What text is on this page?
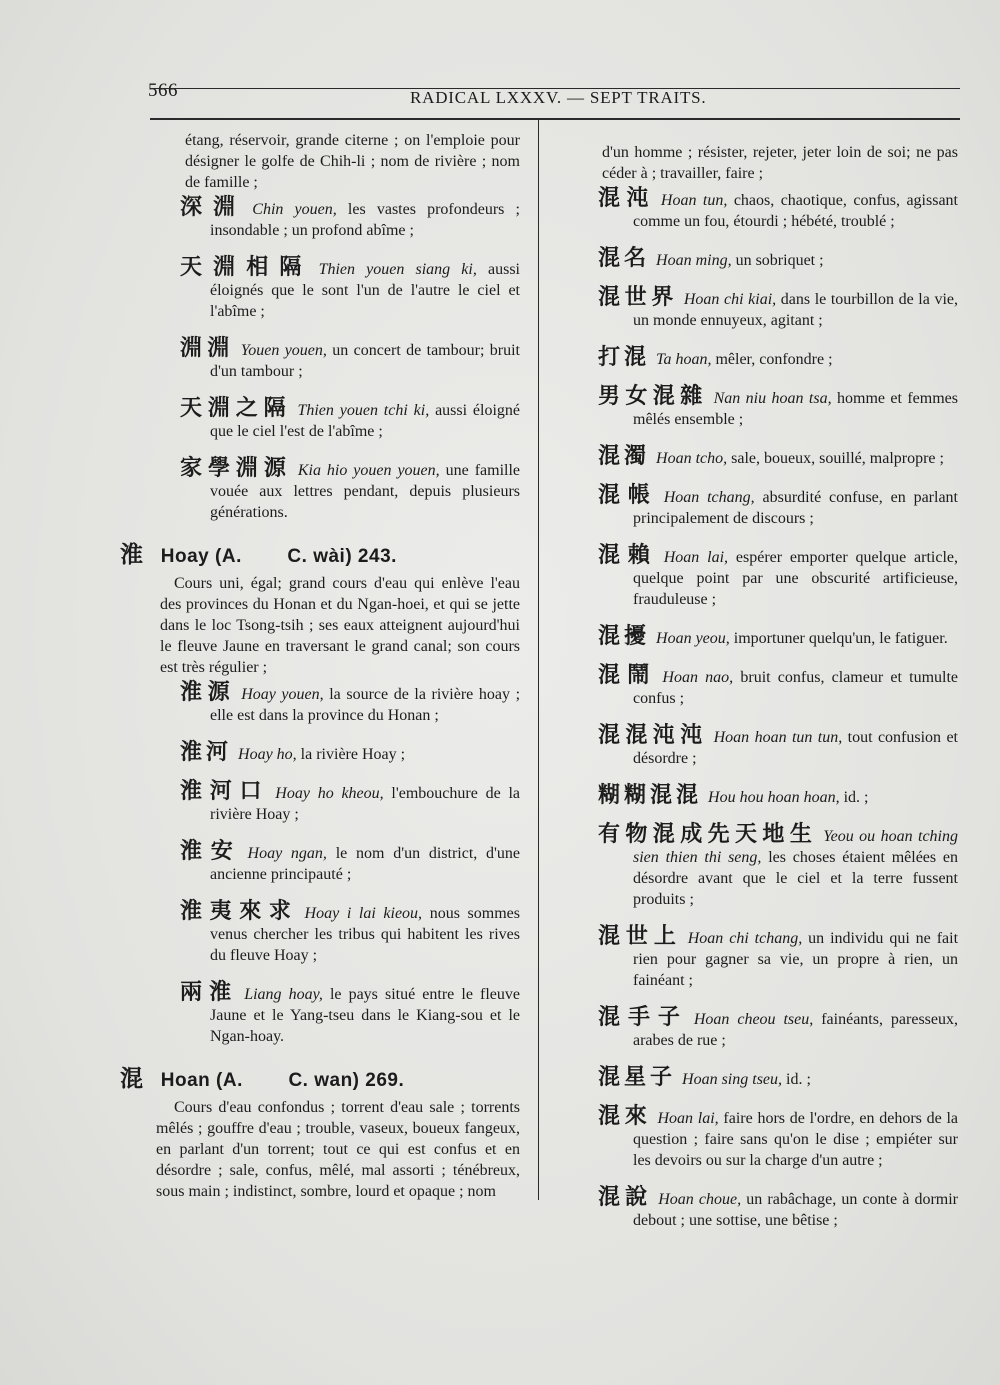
566	RADICAL LXXXV. — SEPT TRAITS.

étang, réservoir, grande citerne ; on l'emploie pour désigner le golfe de Chih-li ; nom de rivière ; nom de famille ;

深淵 Chin youen, les vastes profondeurs ; insondable ; un profond abîme ;

天淵相隔 Thien youen siang ki, aussi éloignés que le sont l'un de l'autre le ciel et l'abîme ;

淵淵 Youen youen, un concert de tambour; bruit d'un tambour ;

天淵之隔 Thien youen tchi ki, aussi éloigné que le ciel l'est de l'abîme ;

家學淵源 Kia hio youen youen, une famille vouée aux lettres pendant, depuis plusieurs générations.

淮 Hoay (A. C. wài) 243.

Cours uni, égal; grand cours d'eau qui enlève l'eau des provinces du Honan et du Ngan-hoei, et qui se jette dans le loc Tsong-tsih ; ses eaux atteignent aujourd'hui le fleuve Jaune en traversant le grand canal; son cours est très régulier ;

淮源 Hoay youen, la source de la rivière hoay ; elle est dans la province du Honan ;

淮河 Hoay ho, la rivière Hoay ;

淮河口 Hoay ho kheou, l'embouchure de la rivière Hoay ;

淮安 Hoay ngan, le nom d'un district, d'une ancienne principauté ;

淮夷來求 Hoay i lai kieou, nous sommes venus chercher les tribus qui habitent les rives du fleuve Hoay ;

兩淮 Liang hoay, le pays situé entre le fleuve Jaune et le Yang-tseu dans le Kiang-sou et le Ngan-hoay.

混 Hoan (A. C. wan) 269.

Cours d'eau confondus ; torrent d'eau sale ; torrents mêlés ; gouffre d'eau ; trouble, vaseux, boueux fangeux, en parlant d'un torrent; tout ce qui est confus et en désordre ; sale, confus, mêlé, mal assorti ; ténébreux, sous main ; indistinct, sombre, lourd et opaque ; nom

d'un homme ; résister, rejeter, jeter loin de soi; ne pas céder à ; travailler, faire ;

混沌 Hoan tun, chaos, chaotique, confus, agissant comme un fou, étourdi ; hébété, troublé ;

混名 Hoan ming, un sobriquet ;

混世界 Hoan chi kiai, dans le tourbillon de la vie, un monde ennuyeux, agitant ;

打混 Ta hoan, mêler, confondre ;

男女混雜 Nan niu hoan tsa, homme et femmes mêlés ensemble ;

混濁 Hoan tcho, sale, boueux, souillé, malpropre ;

混帳 Hoan tchang, absurdité confuse, en parlant principalement de discours ;

混賴 Hoan lai, espérer emporter quelque article, quelque point par une obscurité artificieuse, frauduleuse ;

混擾 Hoan yeou, importuner quelqu'un, le fatiguer.

混鬧 Hoan nao, bruit confus, clameur et tumulte confus ;

混混沌沌 Hoan hoan tun tun, tout confusion et désordre ;

糊糊混混 Hou hou hoan hoan, id. ;

有物混成先天地生 Yeou ou hoan tching sien thien thi seng, les choses étaient mêlées en désordre avant que le ciel et la terre fussent produits ;

混世上 Hoan chi tchang, un individu qui ne fait rien pour gagner sa vie, un propre à rien, un fainéant ;

混手子 Hoan cheou tseu, fainéants, paresseux, arabes de rue ;

混星子 Hoan sing tseu, id. ;

混來 Hoan lai, faire hors de l'ordre, en dehors de la question ; faire sans qu'on le dise ; empiéter sur les devoirs ou sur la charge d'un autre ;

混說 Hoan choue, un rabâchage, un conte à dormir debout ; une sottise, une bêtise ;
